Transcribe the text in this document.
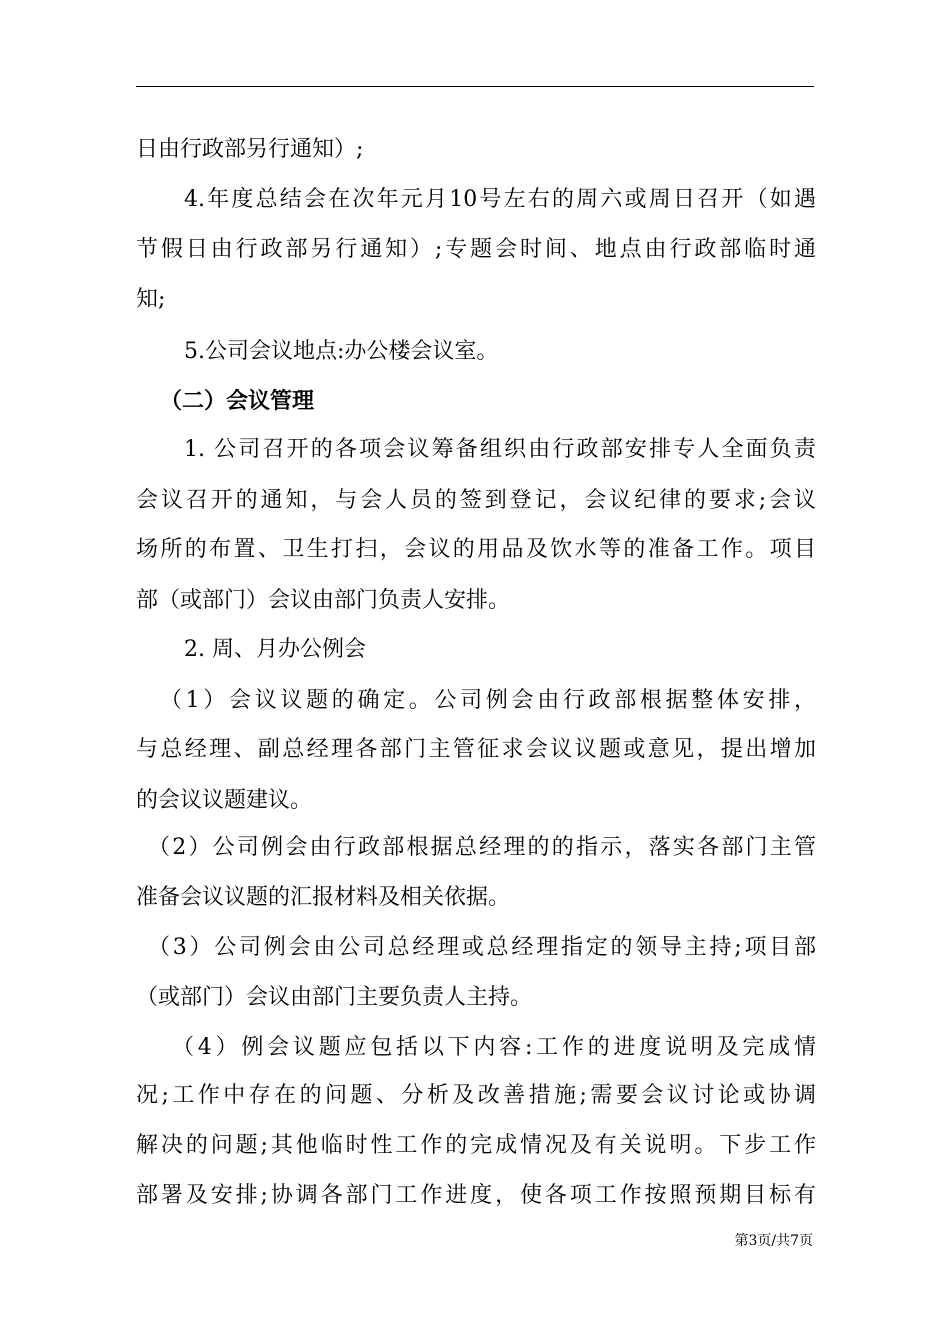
日由行政部另行通知）;
4.年度总结会在次年元月10号左右的周六或周日召开（如遇
节假日由行政部另行通知）;专题会时间、地点由行政部临时通
知;
5.公司会议地点:办公楼会议室。
（二）会议管理
1. 公司召开的各项会议筹备组织由行政部安排专人全面负责
会议召开的通知，与会人员的签到登记，会议纪律的要求;会议
场所的布置、卫生打扫，会议的用品及饮水等的准备工作。项目
部（或部门）会议由部门负责人安排。
2. 周、月办公例会
（1）会议议题的确定。公司例会由行政部根据整体安排，
与总经理、副总经理各部门主管征求会议议题或意见，提出增加
的会议议题建议。
（2）公司例会由行政部根据总经理的的指示，落实各部门主管
准备会议议题的汇报材料及相关依据。
（3）公司例会由公司总经理或总经理指定的领导主持;项目部
（或部门）会议由部门主要负责人主持。
（4）例会议题应包括以下内容:工作的进度说明及完成情
况;工作中存在的问题、分析及改善措施;需要会议讨论或协调
解决的问题;其他临时性工作的完成情况及有关说明。下步工作
部署及安排;协调各部门工作进度，使各项工作按照预期目标有
第3页/共7页
